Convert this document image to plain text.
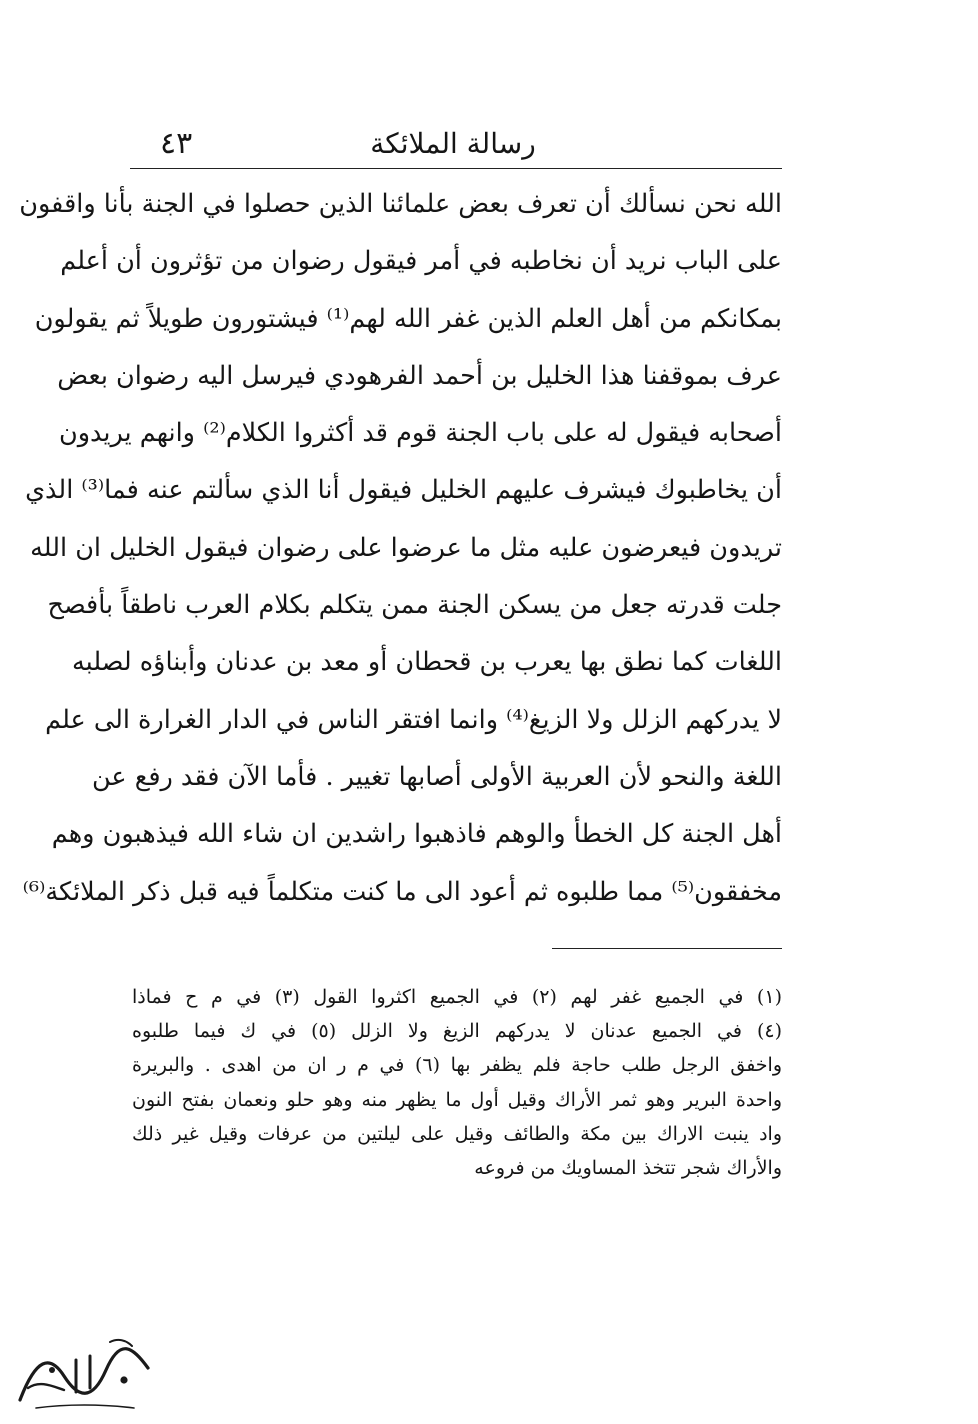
٤٣	رسالة الملائكة
الله نحن نسألك أن تعرف بعض علمائنا الذين حصلوا في الجنة بأنا واقفون
على الباب نريد أن نخاطبه في أمر فيقول رضوان من تؤثرون أن أعلم
بمكانكم من أهل العلم الذين غفر الله لهم⁽¹⁾ فيشتورون طويلاً ثم يقولون
عرف بموقفنا هذا الخليل بن أحمد الفرهودي فيرسل اليه رضوان بعض
أصحابه فيقول له على باب الجنة قوم قد أكثروا الكلام⁽²⁾ وانهم يريدون
أن يخاطبوك فيشرف عليهم الخليل فيقول أنا الذي سألتم عنه فما⁽³⁾ الذي
تريدون فيعرضون عليه مثل ما عرضوا على رضوان فيقول الخليل ان الله
جلت قدرته جعل من يسكن الجنة ممن يتكلم بكلام العرب ناطقاً بأفصح
اللغات كما نطق بها يعرب بن قحطان أو معد بن عدنان وأبناؤه لصلبه
لا يدركهم الزلل ولا الزيغ⁽⁴⁾ وانما افتقر الناس في الدار الغرارة الى علم
اللغة والنحو لأن العربية الأولى أصابها تغيير . فأما الآن فقد رفع عن
أهل الجنة كل الخطأ والوهم فاذهبوا راشدين ان شاء الله فيذهبون وهم
مخفقون⁽⁵⁾ مما طلبوه ثم أعود الى ما كنت متكلماً فيه قبل ذكر الملائكة⁽⁶⁾
(١) في الجميع غفر لهم (٢) في الجميع اكثروا القول (٣) في م ح فماذا
(٤) في الجميع عدنان لا يدركهم الزيغ ولا الزلل (٥) في ك فيما طلبوه
واخفق الرجل طلب حاجة فلم يظفر بها (٦) في م ر ان من اهدى . والبريرة
واحدة البرير وهو ثمر الأراك وقيل أول ما يظهر منه وهو حلو ونعمان بفتح النون
واد ينبت الاراك بين مكة والطائف وقيل على ليلتين من عرفات وقيل غير ذلك
والأراك شجر تتخذ المساويك من فروعه
